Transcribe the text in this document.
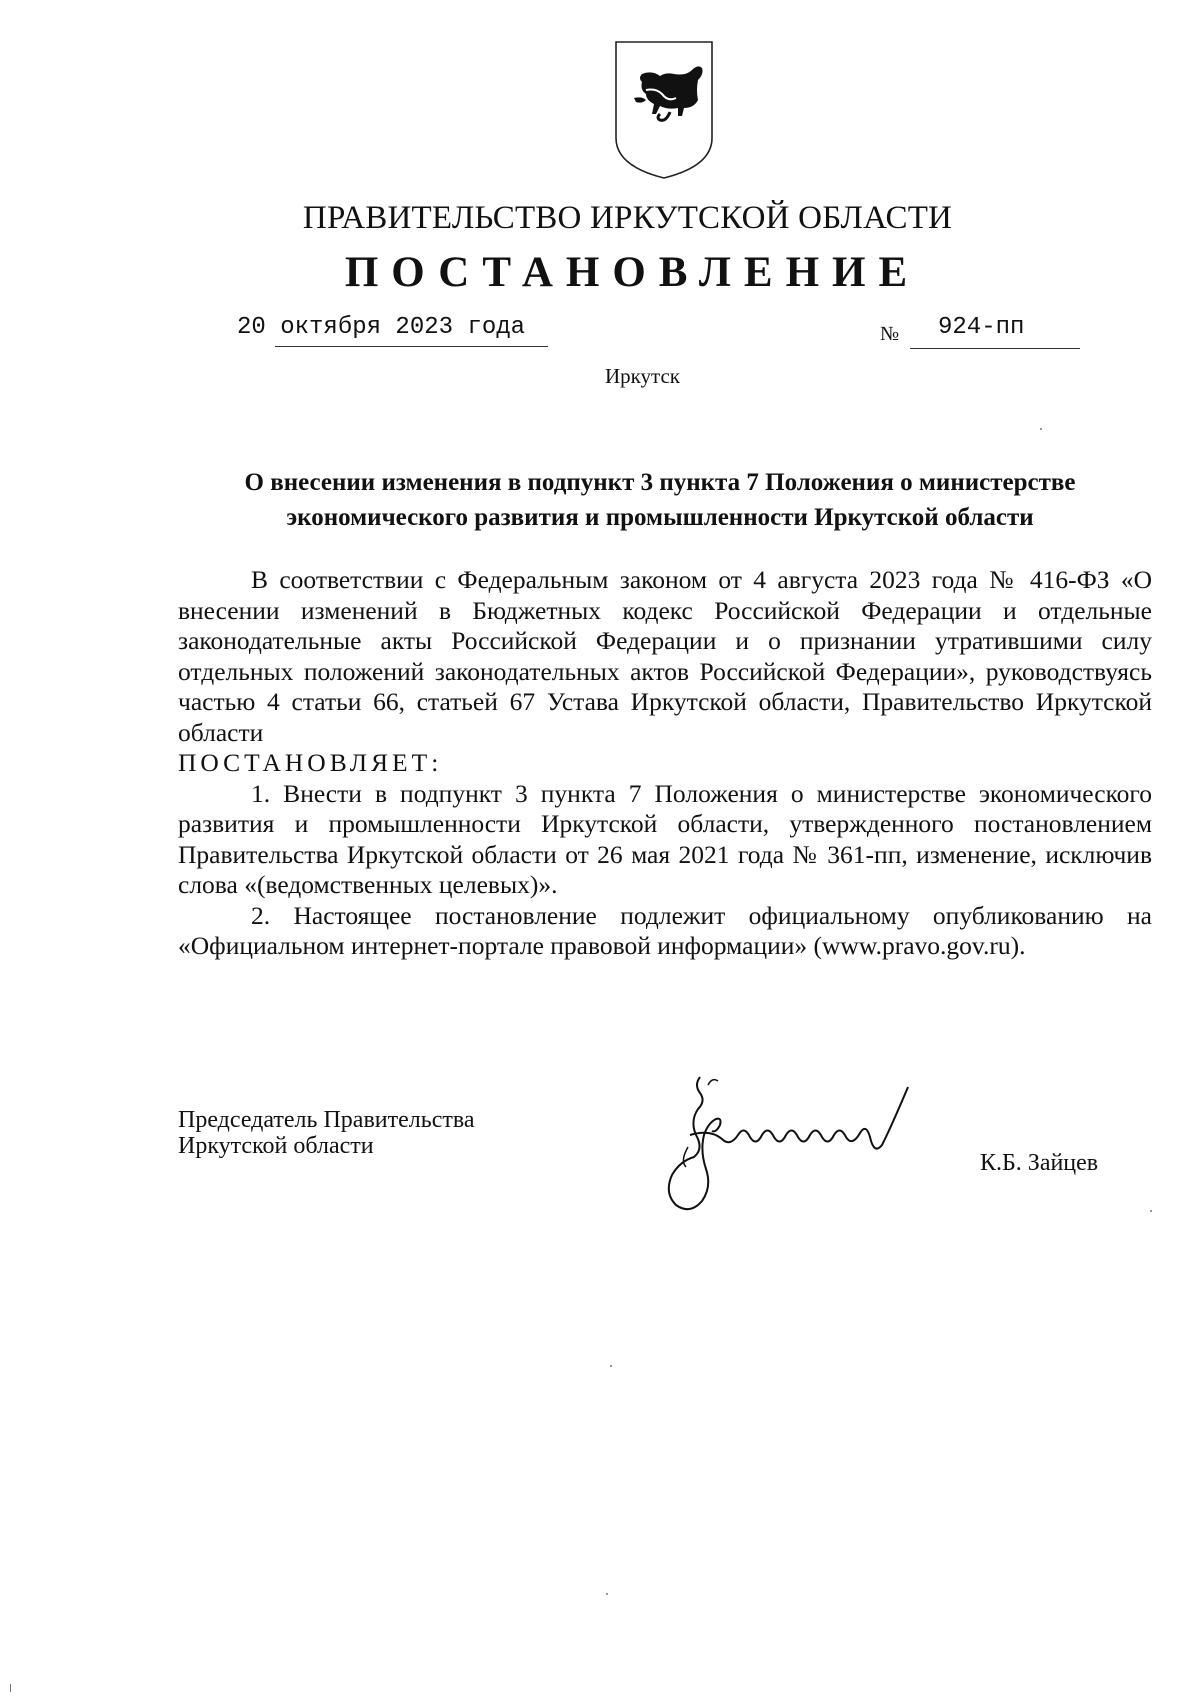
ПРАВИТЕЛЬСТВО ИРКУТСКОЙ ОБЛАСТИ
ПОСТАНОВЛЕНИЕ
20 октября 2023 года	№ 924-пп
Иркутск
О внесении изменения в подпункт 3 пункта 7 Положения о министерстве
экономического развития и промышленности Иркутской области

В соответствии с Федеральным законом от 4 августа 2023 года № 416-ФЗ «О внесении изменений в Бюджетных кодекс Российской Федерации и отдельные законодательные акты Российской Федерации и о признании утратившими силу отдельных положений законодательных актов Российской Федерации», руководствуясь частью 4 статьи 66, статьей 67 Устава Иркутской области, Правительство Иркутской области

ПОСТАНОВЛЯЕТ:

1. Внести в подпункт 3 пункта 7 Положения о министерстве экономического развития и промышленности Иркутской области, утвержденного постановлением Правительства Иркутской области от 26 мая 2021 года № 361-пп, изменение, исключив слова «(ведомственных целевых)».

2. Настоящее постановление подлежит официальному опубликованию на «Официальном интернет-портале правовой информации» (www.pravo.gov.ru).

Председатель Правительства
Иркутской области
К.Б. Зайцев
